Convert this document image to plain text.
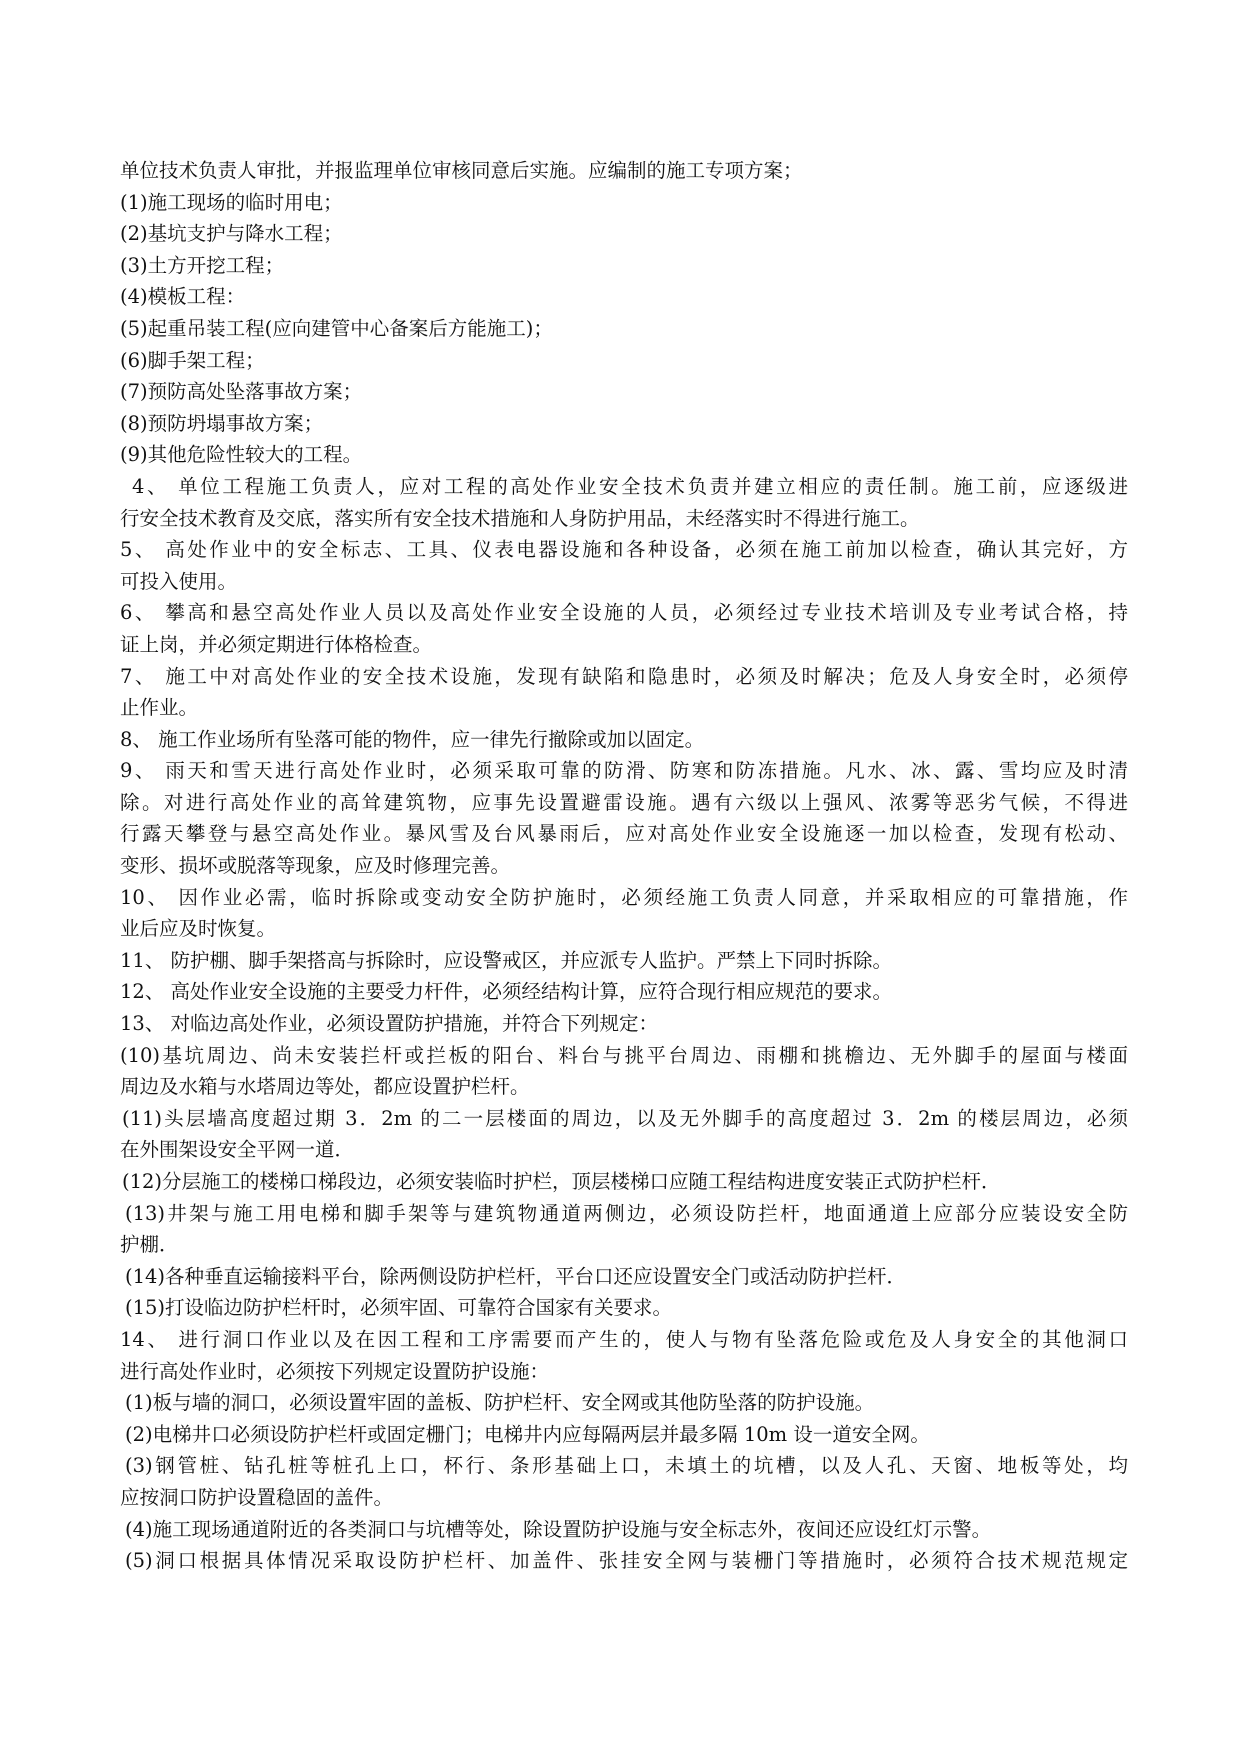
单位技术负责人审批，并报监理单位审核同意后实施。应编制的施工专项方案；
(1)施工现场的临时用电；
(2)基坑支护与降水工程；
(3)土方开挖工程；
(4)模板工程：
(5)起重吊装工程(应向建管中心备案后方能施工)；
(6)脚手架工程；
(7)预防高处坠落事故方案；
(8)预防坍塌事故方案；
(9)其他危险性较大的工程。
4、 单位工程施工负责人，应对工程的高处作业安全技术负责并建立相应的责任制。施工前，应逐级进
行安全技术教育及交底，落实所有安全技术措施和人身防护用品，未经落实时不得进行施工。
5、 高处作业中的安全标志、工具、仪表电器设施和各种设备，必须在施工前加以检查，确认其完好，方
可投入使用。
6、 攀高和悬空高处作业人员以及高处作业安全设施的人员，必须经过专业技术培训及专业考试合格，持
证上岗，并必须定期进行体格检查。
7、 施工中对高处作业的安全技术设施，发现有缺陷和隐患时，必须及时解决；危及人身安全时，必须停
止作业。
8、 施工作业场所有坠落可能的物件，应一律先行撤除或加以固定。
9、 雨天和雪天进行高处作业时，必须采取可靠的防滑、防寒和防冻措施。凡水、冰、露、雪均应及时清
除。对进行高处作业的高耸建筑物，应事先设置避雷设施。遇有六级以上强风、浓雾等恶劣气候，不得进
行露天攀登与悬空高处作业。暴风雪及台风暴雨后，应对高处作业安全设施逐一加以检查，发现有松动、
变形、损坏或脱落等现象，应及时修理完善。
10、 因作业必需，临时拆除或变动安全防护施时，必须经施工负责人同意，并采取相应的可靠措施，作
业后应及时恢复。
11、 防护棚、脚手架搭高与拆除时，应设警戒区，并应派专人监护。严禁上下同时拆除。
12、 高处作业安全设施的主要受力杆件，必须经结构计算，应符合现行相应规范的要求。
13、 对临边高处作业，必须设置防护措施，并符合下列规定：
(10)基坑周边、尚未安装拦杆或拦板的阳台、料台与挑平台周边、雨棚和挑檐边、无外脚手的屋面与楼面
周边及水箱与水塔周边等处，都应设置护栏杆。
(11)头层墙高度超过期 3．2m 的二一层楼面的周边，以及无外脚手的高度超过 3．2m 的楼层周边，必须
在外围架设安全平网一道．
(12)分层施工的楼梯口梯段边，必须安装临时护栏，顶层楼梯口应随工程结构进度安装正式防护栏杆．
(13)井架与施工用电梯和脚手架等与建筑物通道两侧边，必须设防拦杆，地面通道上应部分应装设安全防
护棚．
(14)各种垂直运输接料平台，除两侧设防护栏杆，平台口还应设置安全门或活动防护拦杆．
(15)打设临边防护栏杆时，必须牢固、可靠符合国家有关要求。
14、 进行洞口作业以及在因工程和工序需要而产生的，使人与物有坠落危险或危及人身安全的其他洞口
进行高处作业时，必须按下列规定设置防护设施：
(1)板与墙的洞口，必须设置牢固的盖板、防护栏杆、安全网或其他防坠落的防护设施。
(2)电梯井口必须设防护栏杆或固定栅门；电梯井内应每隔两层并最多隔 10m 设一道安全网。
(3)钢管桩、钻孔桩等桩孔上口，杯行、条形基础上口，未填土的坑槽，以及人孔、天窗、地板等处，均
应按洞口防护设置稳固的盖件。
(4)施工现场通道附近的各类洞口与坑槽等处，除设置防护设施与安全标志外，夜间还应设红灯示警。
(5)洞口根据具体情况采取设防护栏杆、加盖件、张挂安全网与装栅门等措施时，必须符合技术规范规定
